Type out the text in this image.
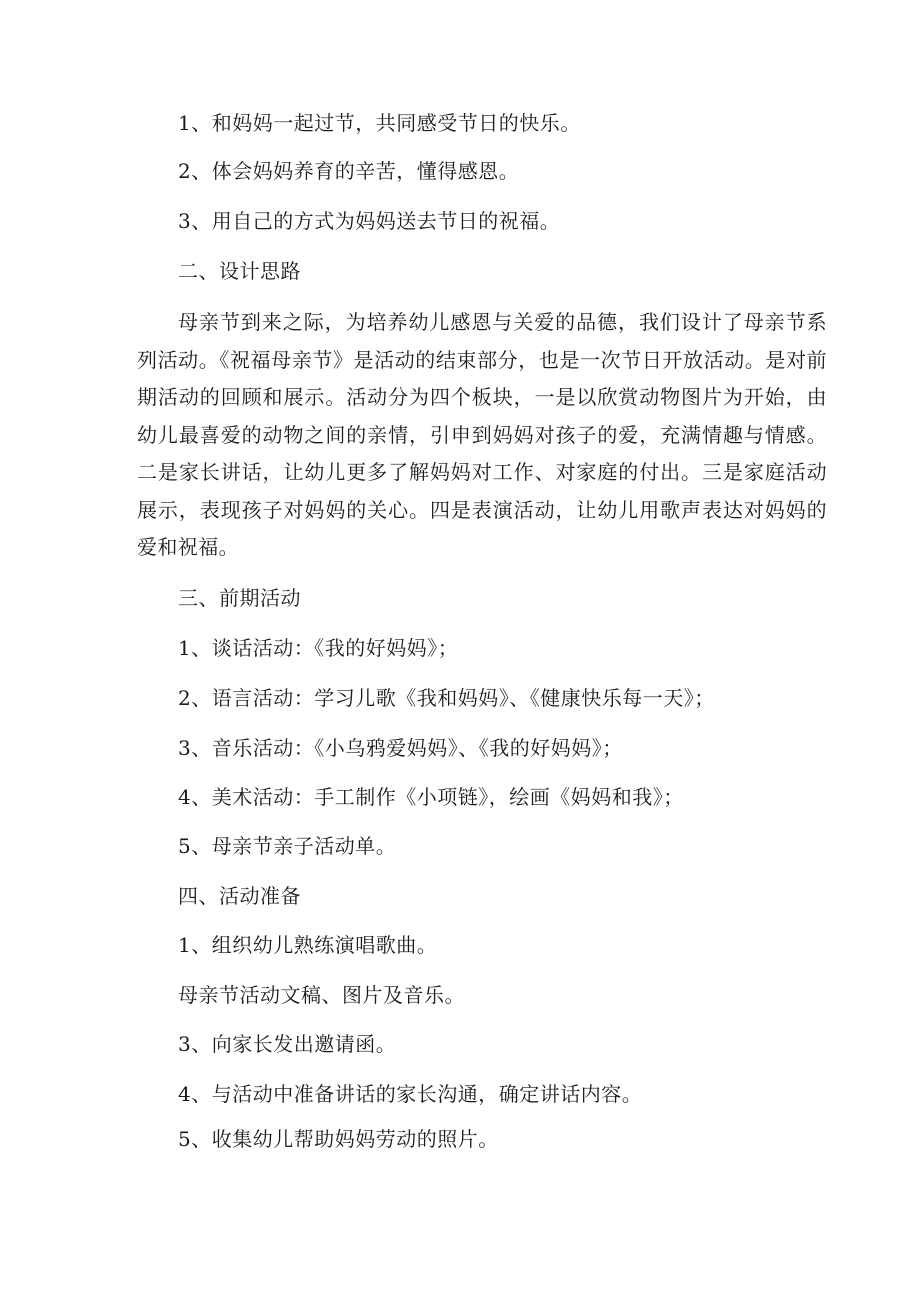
1、和妈妈一起过节，共同感受节日的快乐。
2、体会妈妈养育的辛苦，懂得感恩。
3、用自己的方式为妈妈送去节日的祝福。
二、设计思路
母亲节到来之际，为培养幼儿感恩与关爱的品德，我们设计了母亲节系列活动。《祝福母亲节》是活动的结束部分，也是一次节日开放活动。是对前期活动的回顾和展示。活动分为四个板块，一是以欣赏动物图片为开始，由幼儿最喜爱的动物之间的亲情，引申到妈妈对孩子的爱，充满情趣与情感。二是家长讲话，让幼儿更多了解妈妈对工作、对家庭的付出。三是家庭活动展示，表现孩子对妈妈的关心。四是表演活动，让幼儿用歌声表达对妈妈的爱和祝福。
三、前期活动
1、谈话活动：《我的好妈妈》；
2、语言活动：学习儿歌《我和妈妈》、《健康快乐每一天》；
3、音乐活动：《小乌鸦爱妈妈》、《我的好妈妈》；
4、美术活动：手工制作《小项链》，绘画《妈妈和我》；
5、母亲节亲子活动单。
四、活动准备
1、组织幼儿熟练演唱歌曲。
母亲节活动文稿、图片及音乐。
3、向家长发出邀请函。
4、与活动中准备讲话的家长沟通，确定讲话内容。
5、收集幼儿帮助妈妈劳动的照片。
